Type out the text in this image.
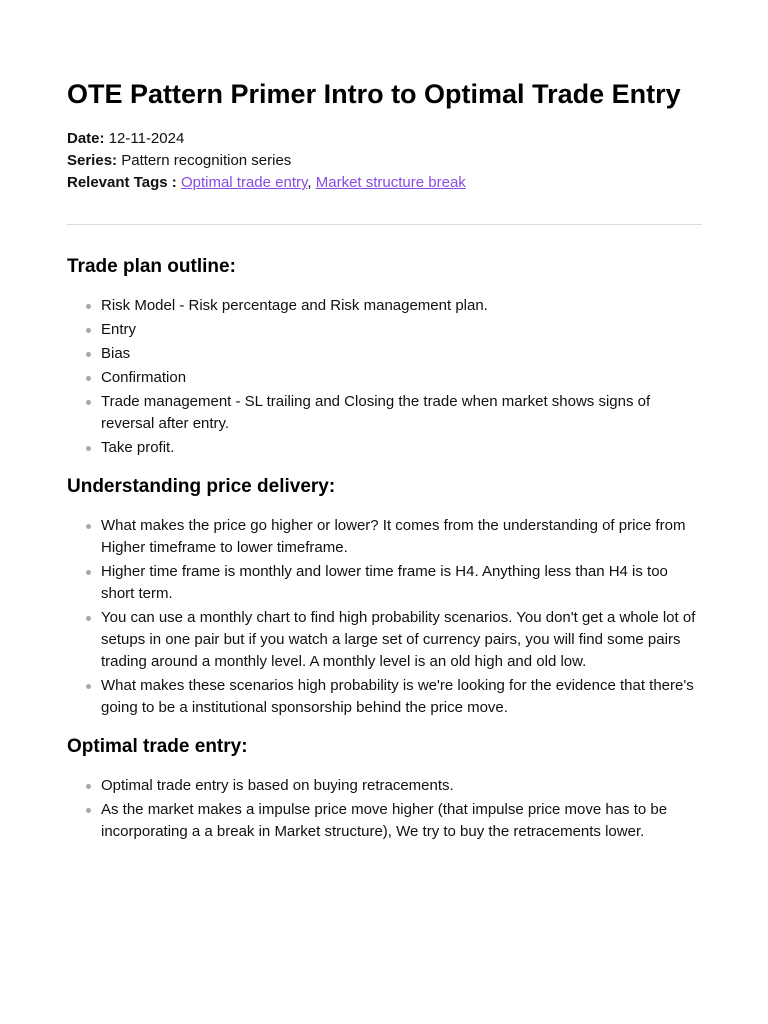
OTE Pattern Primer Intro to Optimal Trade Entry
Date: 12-11-2024
Series: Pattern recognition series
Relevant Tags : Optimal trade entry, Market structure break
Trade plan outline:
Risk Model - Risk percentage and Risk management plan.
Entry
Bias
Confirmation
Trade management - SL trailing and Closing the trade when market shows signs of reversal after entry.
Take profit.
Understanding price delivery:
What makes the price go higher or lower? It comes from the understanding of price from Higher timeframe to lower timeframe.
Higher time frame is monthly and lower time frame is H4. Anything less than H4 is too short term.
You can use a monthly chart to find high probability scenarios. You don't get a whole lot of setups in one pair but if you watch a large set of currency pairs, you will find some pairs trading around a monthly level. A monthly level is an old high and old low.
What makes these scenarios high probability is we're looking for the evidence that there's going to be a institutional sponsorship behind the price move.
Optimal trade entry:
Optimal trade entry is based on buying retracements.
As the market makes a impulse price move higher (that impulse price move has to be incorporating a a break in Market structure), We try to buy the retracements lower.
